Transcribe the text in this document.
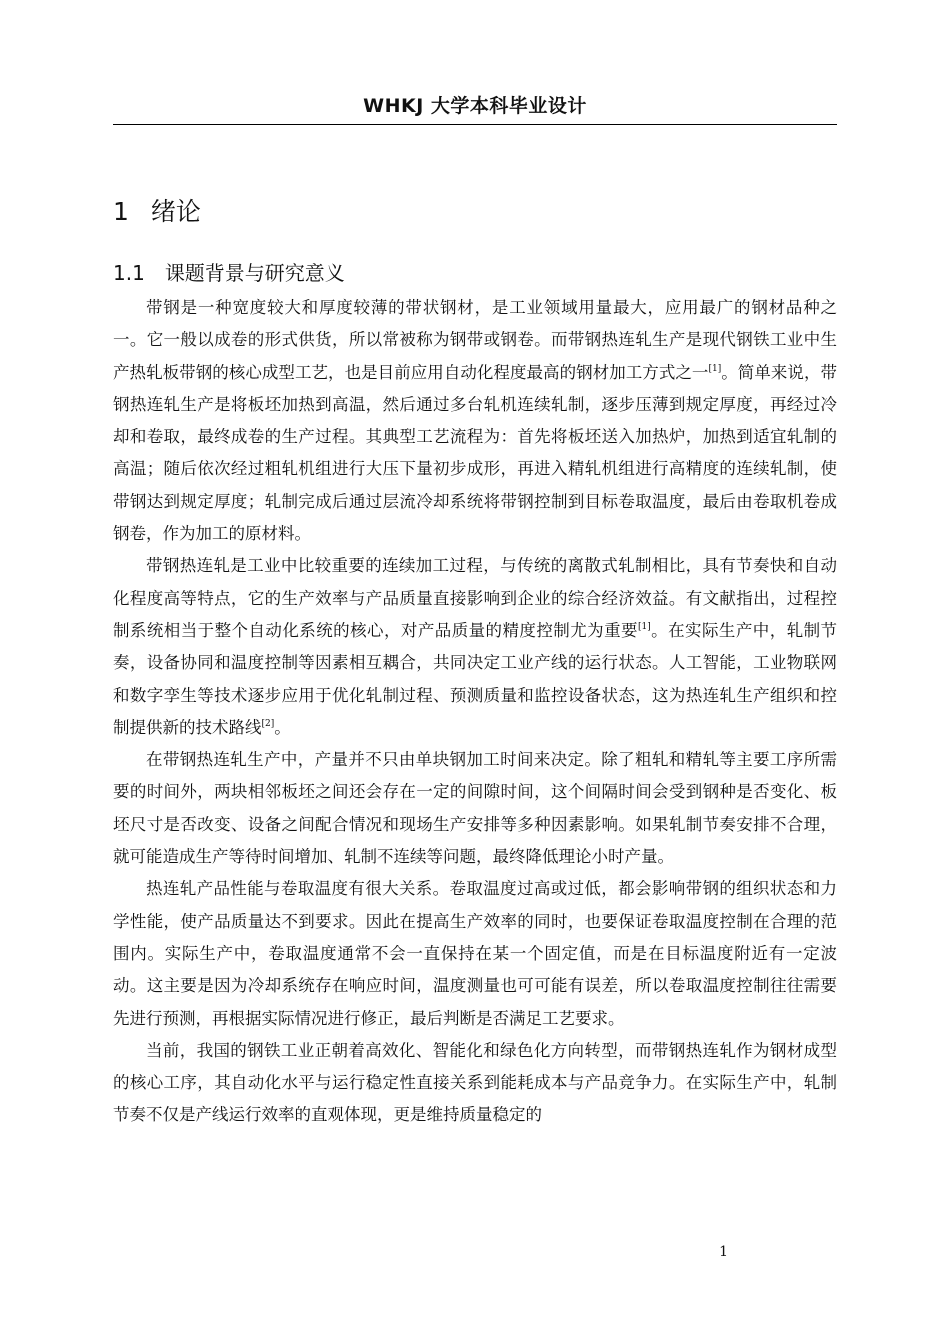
WHKJ 大学本科毕业设计
1 绪论
1.1 课题背景与研究意义

带钢是一种宽度较大和厚度较薄的带状钢材，是工业领域用量最大，应用最广的钢材品种之一。它一般以成卷的形式供货，所以常被称为钢带或钢卷。而带钢热连轧生产是现代钢铁工业中生产热轧板带钢的核心成型工艺，也是目前应用自动化程度最高的钢材加工方式之一[1]。简单来说，带钢热连轧生产是将板坯加热到高温，然后通过多台轧机连续轧制，逐步压薄到规定厚度，再经过冷却和卷取，最终成卷的生产过程。其典型工艺流程为：首先将板坯送入加热炉，加热到适宜轧制的高温；随后依次经过粗轧机组进行大压下量初步成形，再进入精轧机组进行高精度的连续轧制，使带钢达到规定厚度；轧制完成后通过层流冷却系统将带钢控制到目标卷取温度，最后由卷取机卷成钢卷，作为加工的原材料。

带钢热连轧是工业中比较重要的连续加工过程，与传统的离散式轧制相比，具有节奏快和自动化程度高等特点，它的生产效率与产品质量直接影响到企业的综合经济效益。有文献指出，过程控制系统相当于整个自动化系统的核心，对产品质量的精度控制尤为重要[1]。在实际生产中，轧制节奏，设备协同和温度控制等因素相互耦合，共同决定工业产线的运行状态。人工智能，工业物联网和数字孪生等技术逐步应用于优化轧制过程、预测质量和监控设备状态，这为热连轧生产组织和控制提供新的技术路线[2]。

在带钢热连轧生产中，产量并不只由单块钢加工时间来决定。除了粗轧和精轧等主要工序所需要的时间外，两块相邻板坯之间还会存在一定的间隙时间，这个间隔时间会受到钢种是否变化、板坯尺寸是否改变、设备之间配合情况和现场生产安排等多种因素影响。如果轧制节奏安排不合理，就可能造成生产等待时间增加、轧制不连续等问题，最终降低理论小时产量。

热连轧产品性能与卷取温度有很大关系。卷取温度过高或过低，都会影响带钢的组织状态和力学性能，使产品质量达不到要求。因此在提高生产效率的同时，也要保证卷取温度控制在合理的范围内。实际生产中，卷取温度通常不会一直保持在某一个固定值，而是在目标温度附近有一定波动。这主要是因为冷却系统存在响应时间，温度测量也可可能有误差，所以卷取温度控制往往需要先进行预测，再根据实际情况进行修正，最后判断是否满足工艺要求。

当前，我国的钢铁工业正朝着高效化、智能化和绿色化方向转型，而带钢热连轧作为钢材成型的核心工序，其自动化水平与运行稳定性直接关系到能耗成本与产品竞争力。在实际生产中，轧制节奏不仅是产线运行效率的直观体现，更是维持质量稳定的

1
